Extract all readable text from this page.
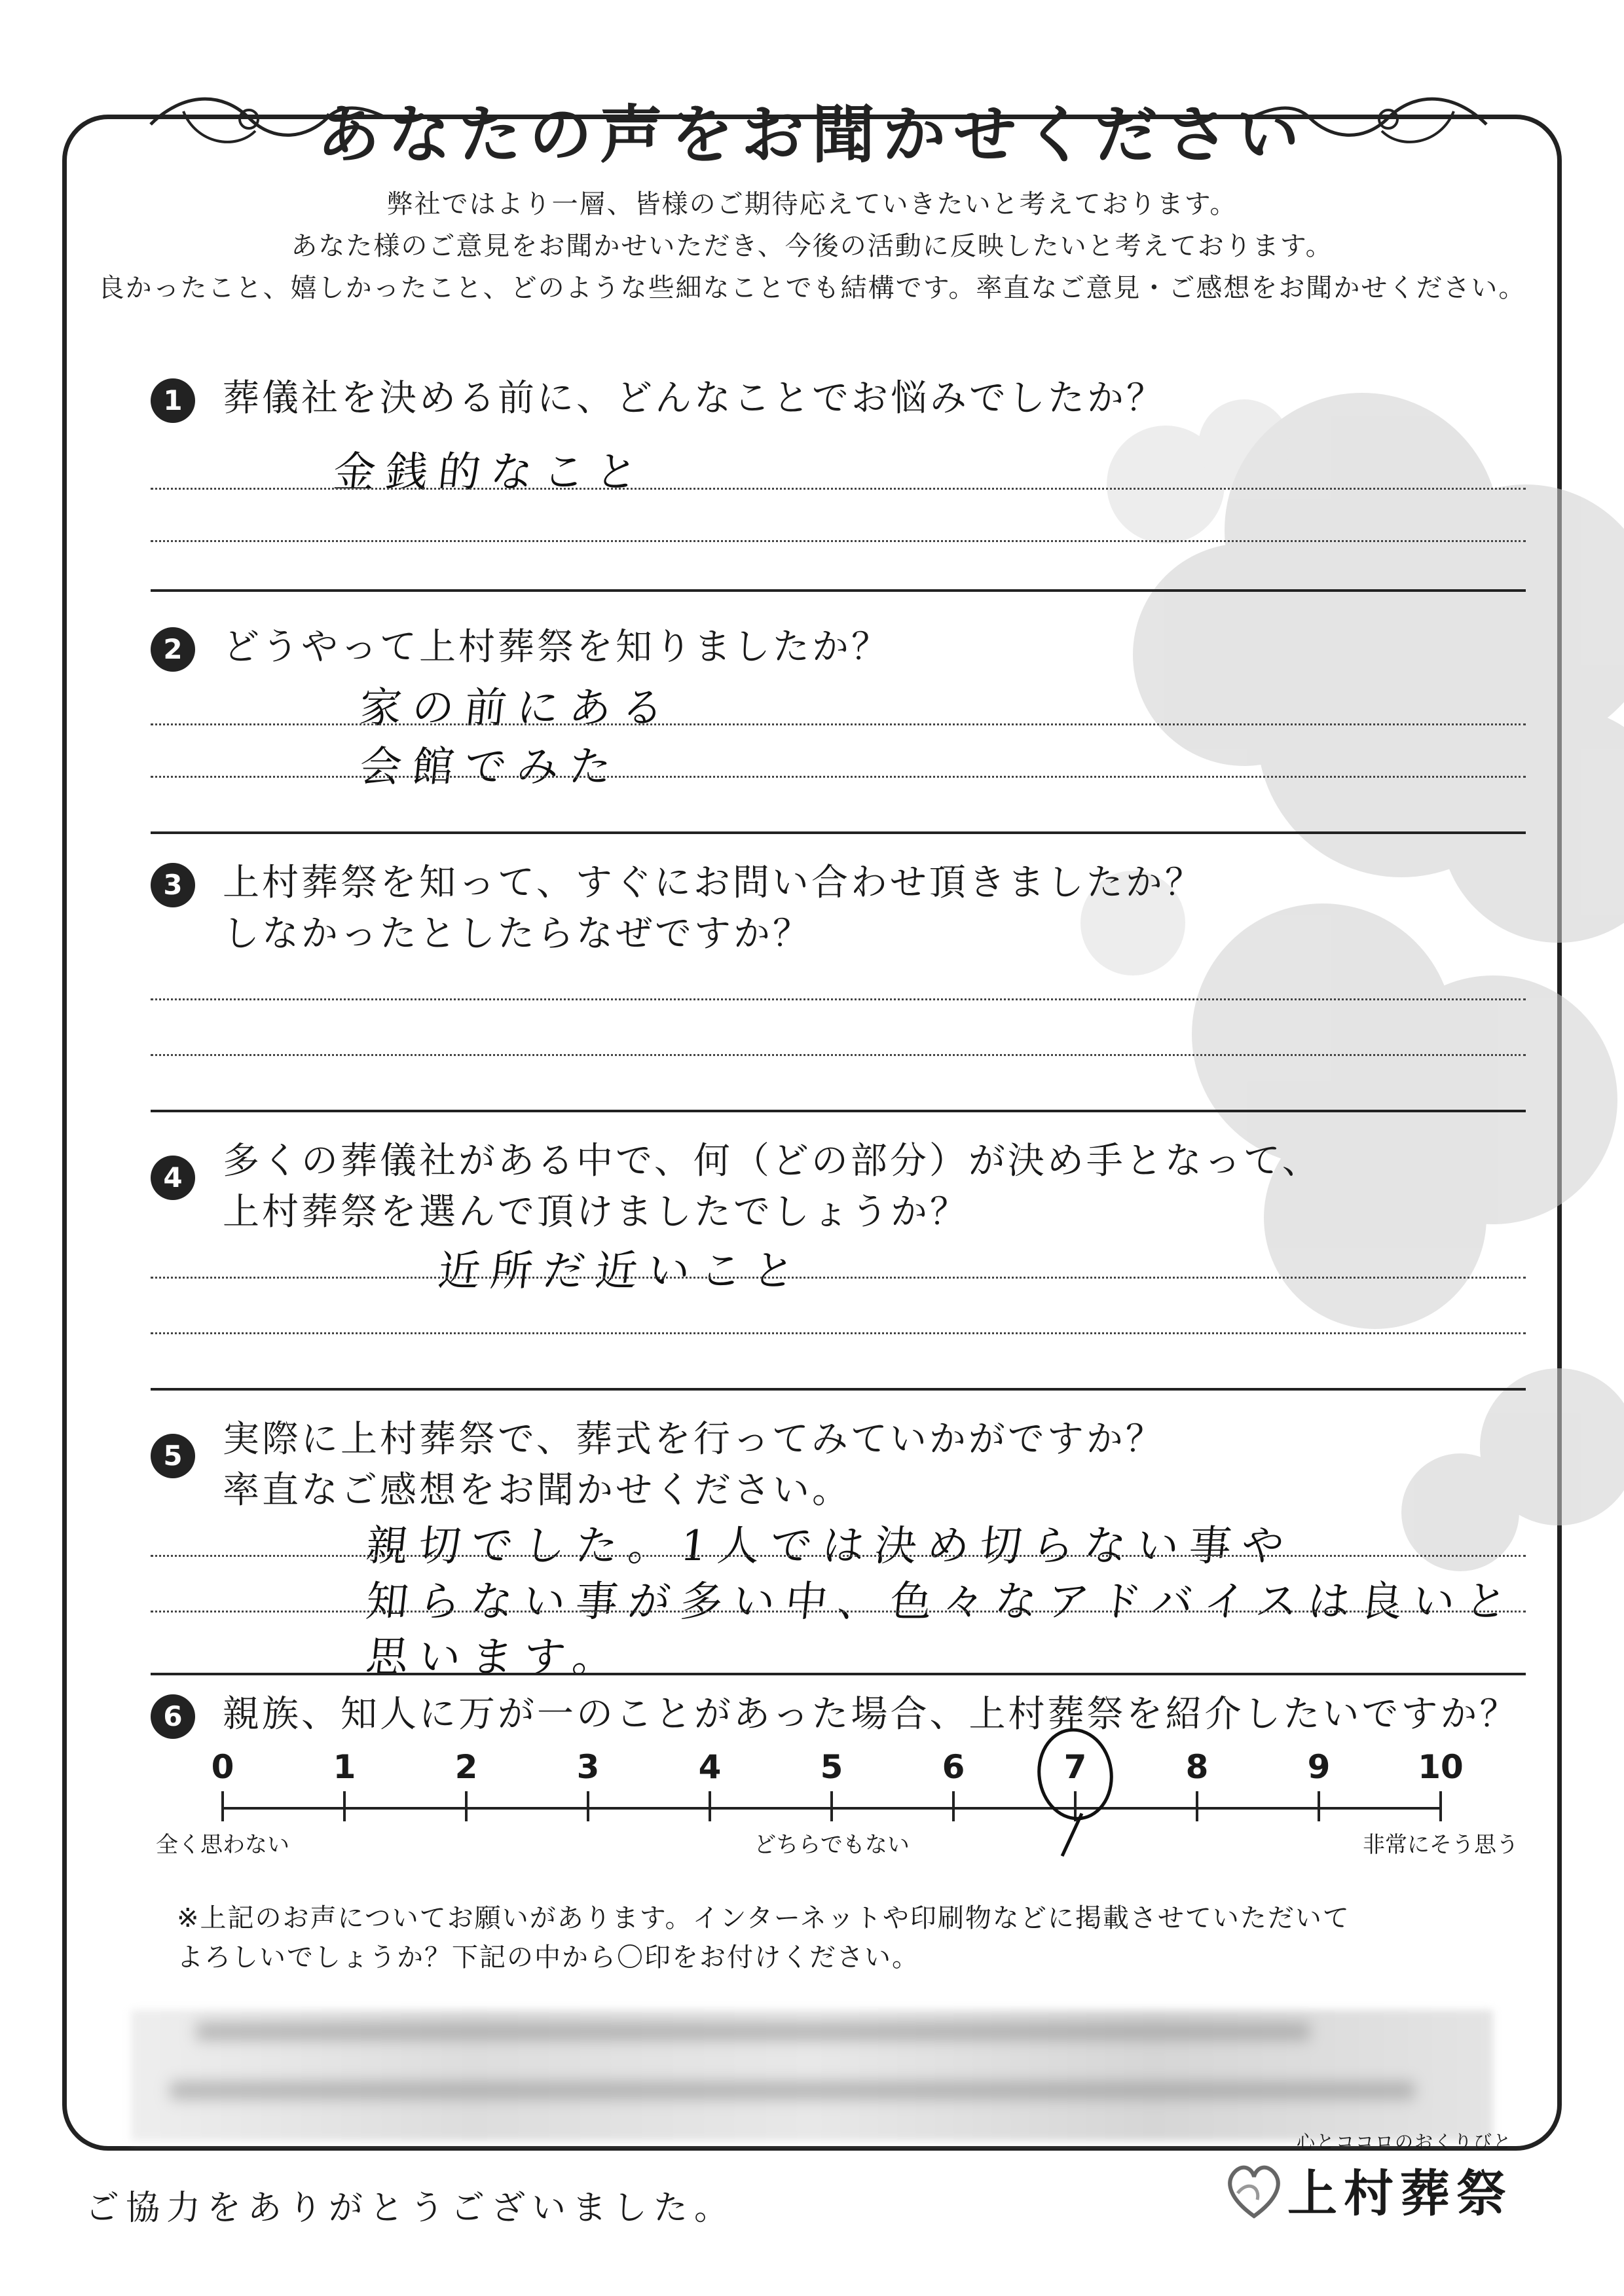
あなたの声をお聞かせください
弊社ではより一層、皆様のご期待応えていきたいと考えております。
あなた様のご意見をお聞かせいただき、今後の活動に反映したいと考えております。
良かったこと、嬉しかったこと、どのような些細なことでも結構です。率直なご意見・ご感想をお聞かせください。
1	葬儀社を決める前に、どんなことでお悩みでしたか？
金銭的なこと
2	どうやって上村葬祭を知りましたか？
家の前にある
会館でみた
3	上村葬祭を知って、すぐにお問い合わせ頂きましたか？
しなかったとしたらなぜですか？
4	多くの葬儀社がある中で、何（どの部分）が決め手となって、
上村葬祭を選んで頂けましたでしょうか？
近所だ近いこと
5	実際に上村葬祭で、葬式を行ってみていかがですか？
率直なご感想をお聞かせください。
親切でした。1人では決め切らない事や
知らない事が多い中、色々なアドバイスは良いと
思います。
6	親族、知人に万が一のことがあった場合、上村葬祭を紹介したいですか？
0	1	2	3	4	5	6	7	8	9	10
全く思わない	どちらでもない	非常にそう思う
※上記のお声についてお願いがあります。インターネットや印刷物などに掲載させていただいて
よろしいでしょうか？下記の中から〇印をお付けください。
ご協力をありがとうございました。
心とココロのおくりびと
上村葬祭
